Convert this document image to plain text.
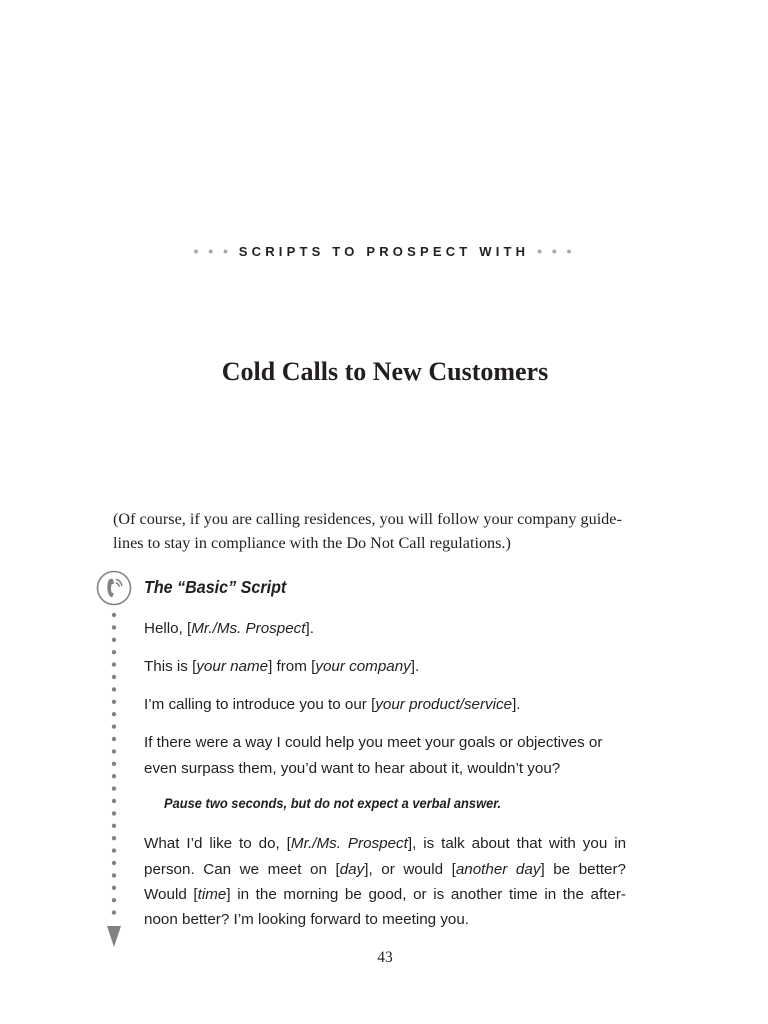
• • • SCRIPTS TO PROSPECT WITH • • •
Cold Calls to New Customers

(Of course, if you are calling residences, you will follow your company guide-
lines to stay in compliance with the Do Not Call regulations.)

The “Basic” Script

Hello, [Mr./Ms. Prospect].

This is [your name] from [your company].

I’m calling to introduce you to our [your product/service].

If there were a way I could help you meet your goals or objectives or

even surpass them, you’d want to hear about it, wouldn’t you?

Pause two seconds, but do not expect a verbal answer.

What I’d like to do, [Mr./Ms. Prospect], is talk about that with you in

person. Can we meet on [day], or would [another day] be better?

Would [time] in the morning be good, or is another time in the after-

noon better? I’m looking forward to meeting you.

43
